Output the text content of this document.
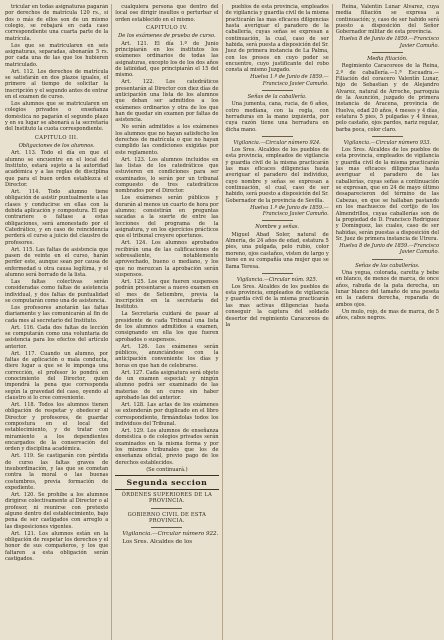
tricular en todas asignaturas pagarán por derechos de matrícula 120 rs., si dos o más de ellos son de un mismo colegio, se rebajará en cada caso correspondiente una cuarta parte de la matrícula.

Los que se matricularen en seis asignaturas, separadas, abonarán 5 rs. por cada una de las que los hubieren matriculado.

Art. 112. Los derechos de matrícula se satisfarán en dos plazos iguales, el primero al tiempo de solicitar la inscripción y el segundo antes de entrar en el examen de curso.

Los alumnos que se matricularen en colegios privados o enseñanza doméstica no pagarán el segundo plazo y en su lugar se abonará a la secretaría del Instituto la cuota correspondiente.

CAPITULO III.
Obligaciones de los alumnos.

Art. 113. Todo el día en que el alumno se encuentre en el local del Instituto, estará sujeto a la autoridad académica y a las reglas de disciplina que para el buen orden establezca el Director.

Art. 114. Todo alumno tiene obligación de asistir puntualmente a las clases y conducirse en ellas con la debida aplicación y compostura. El que contrariere o faltase a estas obligaciones, será amonestado por el Catedrático, y en caso de reincidencia perderá el curso a juicio del claustro de profesores.

Art. 115. Las faltas de asistencia que pasen de veinte en el curso, harán perder este, aunque sean por causa de enfermedad u otra causa legítima, y el alumno será borrado de la lista.

Las faltas colectivas serán consideradas como faltas de asistencia individual, y dos faltas de puntualidad se computarán como una de asistencia.

Los profesores anotarán las faltas diariamente y las comunicarán al fin de cada mes al secretario del Instituto.

Art. 116. Cada dos faltas de lección se computarán como una voluntaria de asistencia para los efectos del artículo anterior.

Art. 117. Cuando un alumno, por faltas de aplicación o mala conducta, diere lugar a que se le imponga una corrección, el profesor lo pondrá en conocimiento del Director, quien impondrá la pena que corresponda según la gravedad del caso, oyendo al claustro si lo cree conveniente.

Art. 118. Todos los alumnos tienen obligación de respetar y obedecer al Director y profesores, de guardar compostura en el local del establecimiento, y de tratar con miramiento a los dependientes encargados de la conservación del orden y disciplina académica.

Art. 119. Se castigarán con pérdida de curso las faltas graves de insubordinación, y las que se cometan contra la moral o las buenas costumbres, previa formación de expediente.

Art. 120. Se prohibe a los alumnos dirigirse colectivamente al Director o al profesor, ni reunirse con pretexto alguno dentro del establecimiento, bajo pena de ser castigados con arreglo a las disposiciones vigentes.

Art. 121. Los alumnos están en la obligación de respetar los derechos y el honor de sus compañeros, y los que faltaren a esta obligación serán castigados.

cualquiera persona que dentro del local ose dirigir insultos o perturbar el orden establecido en el mismo.

CAPITULO IV.
De los exámenes de prueba de curso.

Art. 121. El día 1.º de Junio principiarán en los institutos los exámenes ordinarios de todas las asignaturas, excepto los de los dos años de latinidad, que principiarán el 15 del mismo.

Art. 122. Los catedráticos presentarán al Director con diez días de anticipación una lista de los alumnos que deban ser admitidos a los exámenes ordinarios y otra de los que han de quedar sin examen por faltas de asistencia.

No serán admitidos a los exámenes los alumnos que no hayan satisfecho los derechos de matrícula o que no hayan cumplido las condiciones exigidas por este reglamento.

Art. 123. Los alumnos incluidos en las listas de los catedráticos que estuvieren en condiciones para ser examinados, lo serán por un tribunal compuesto de tres catedráticos nombrados por el Director.

Los exámenes serán públicos y durarán al menos un cuarto de hora por alumno; consistirán en preguntas sacadas a la suerte de entre las lecciones del programa de la asignatura, y en los ejercicios prácticos que el tribunal creyere oportunos.

Art. 124. Los alumnos aprobados recibirán una de las calificaciones de sobresaliente, notablemente aprovechado, bueno o mediano, y los que no merezcan la aprobación serán suspensos.

Art. 125. Los que fueren suspensos podrán presentarse a nuevo examen en el mes de Setiembre, previa la inscripción en la secretaría del Instituto.

La Secretaría cuidará de pasar al presidente de cada Tribunal una lista de los alumnos admitidos a examen, consignando en ella los que fueren aprobados o suspensos.

Art. 126. Los exámenes serán públicos, anunciándose con la anticipación conveniente los días y horas en que han de celebrarse.

Art. 127. Cada asignatura será objeto de un examen especial; y ningún alumno podrá ser examinado de las materias de un curso sin haber aprobado las del anterior.

Art. 128. Las actas de los exámenes se extenderán por duplicado en el libro correspondiente, firmándolas todos los individuos del Tribunal.

Art. 129. Los alumnos de enseñanza doméstica o de colegios privados serán examinados en la misma forma y por los mismos tribunales que los de enseñanza oficial, previo pago de los derechos establecidos.

(Se continuará.)

Segunda seccion

ÓRDENES SUPERIORES DE LA PROVINCIA.

GOBIERNO CIVIL DE ESTA PROVINCIA.

Vigilancia.—Circular número 922.

Los Sres. Alcaldes de los

pueblos de esta provincia, empleados de vigilancia y guardia civil de la misma practicarán las mas eficaces diligencias hasta averiguar el paradero de la caballería, cuyas señas se expresan a continuación, la cual, caso de ser habida, será puesta a disposición del Sr. Juez de primera instancia de La Palma, con los presos en cuyo poder se encuentre, cuyo justificante del robo consta al mismo Juzgado.

Huelva 1.º de Junio de 1859.—Francisco Javier Camuño.

Señas de la caballería.

Una jumenta, cana, rucia, de 6 años, cotro mediana, con la regla, con herraduras en la mano izquierda, por cuya razón tiene una herradura en dicha mano.

Vigilancia.—Circular número 924.

Los Sres. Alcaldes de los pueblos de esta provincia, empleados de vigilancia y guardia civil de la misma practicarán las mas eficaces diligencias hasta averiguar el paradero del individuo, cuyo nombre y señas se expresan a continuación, el cual, caso de ser habido, será puesto a disposición del Sr. Gobernador de la provincia de Sevilla.

Huelva 1.º de Junio de 1859.—Francisco Javier Camuño.

Nombre y señas.

Miguel Abad Soler, natural de Almería, de 24 años de edad, estatura 5 pies, una pulgada, pelo rubio, color moreno, ojos castaños, visten de largo y tiene en su compañía una mujer que se llama Teresa.

Vigilancia.—Circular núm. 925.

Los Sres. Alcaldes de los pueblos de esta provincia, empleados de vigilancia y guardia civil de la misma practicarán las mas activas diligencias hasta conseguir la captura del soldado desertor del regimiento Caracoreos de la

Reina, Valentín Lunar Alvarez, cuya media filiación se expresa a continuación; y, caso de ser habido será puesto a disposición del Señor Gobernador militar de esta provincia.

Huelva 8 de Junio de 1859.—Francisco Javier Camuño.

Media filiación.

Regimiento Caracoreos de la Reina, 2.º de caballería.—1.ª Escuadra.—Filiación del coracero Valentín Lunar, hijo de Sebastian y de Alejandro Alvarez, natural de Arroche, parroquia de la Asunción, juzgado de primera instancia de Aracena, provincia de Huelva, edad 20 años, 4 meses y 4 días, estatura 5 pies, 5 pulgadas y 4 líneas, pelo castaño, ojos pardos, nariz regular, barba poca, color claro.

Vigilancia.—Circular número 933.

Los Sres. Alcaldes de los pueblos de esta provincia, empleados de vigilancia y guardia civil de la misma practicarán las mas eficaces diligencias hasta averiguar el paradero de las caballerías, cuyas señas a continuación se expresan, que en 24 de mayo último desaparecieron del término de las Cabezas, en que se hallaban pastando en los machuecos del cortijo de los Almendrillos, cuyas caballerías son de la propiedad de D. Francisco Rodriguez y Domínguez, las cuales, caso de ser habidas, serán puestas a disposición del Sr. Juez de primera instancia de Utrera.

Huelva 8 de Junio de 1859.—Francisco Javier Camuño.

Señas de las caballerías.

Una yegua, colorada, caretta y bebe en blanco, de menos de marca, de once años, rabuda de la pata derecha, un lunar blanco del tamaño de una peseta en la cadera derecha, reparada de ambos ojos.

Un mulo, rojo, de mas de marca, de 5 años, cabos negros.
